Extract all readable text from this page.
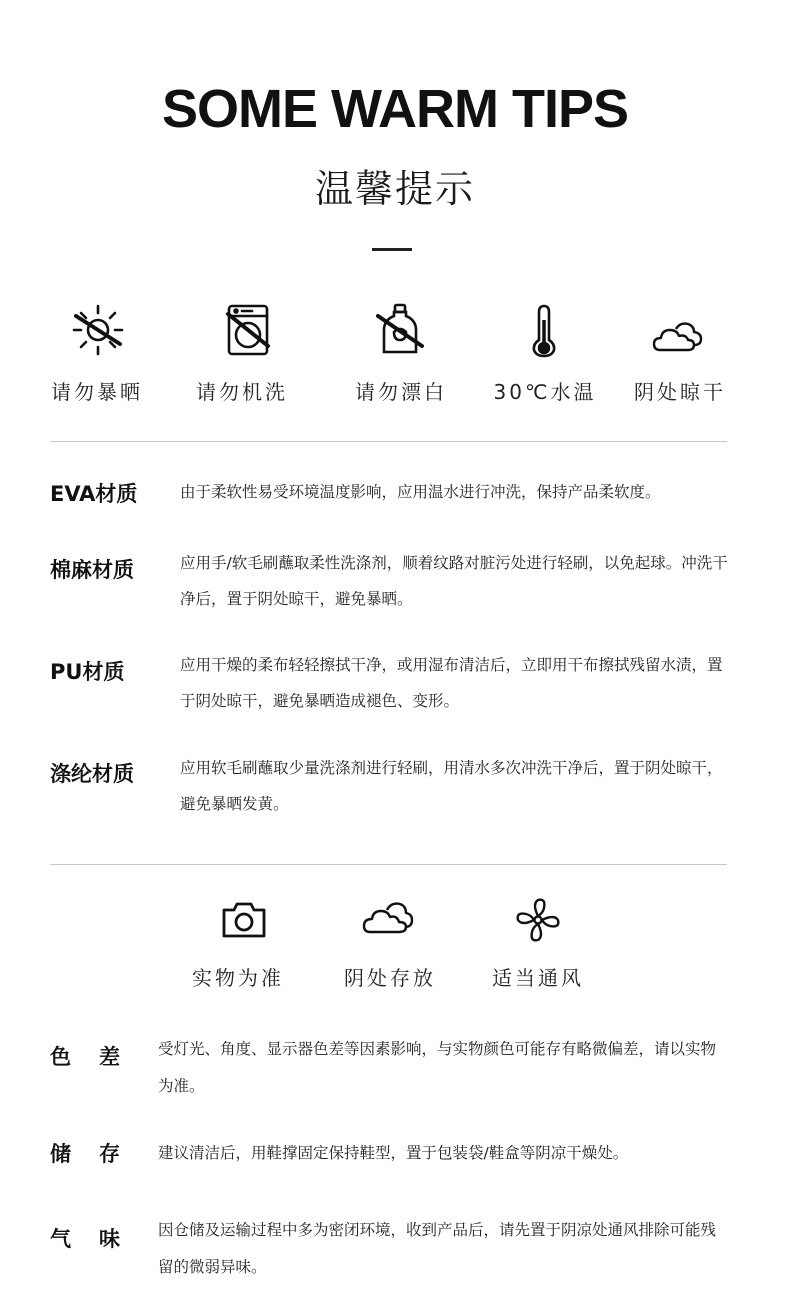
SOME WARM TIPS
温馨提示
请勿暴晒	请勿机洗	请勿漂白	30℃水温	阴处晾干
EVA材质	由于柔软性易受环境温度影响，应用温水进行冲洗，保持产品柔软度。
棉麻材质	应用手/软毛刷蘸取柔性洗涤剂，顺着纹路对脏污处进行轻刷，以免起球。冲洗干净后，置于阴处晾干，避免暴晒。
PU材质	应用干燥的柔布轻轻擦拭干净，或用湿布清洁后，立即用干布擦拭残留水渍，置于阴处晾干，避免暴晒造成褪色、变形。
涤纶材质	应用软毛刷蘸取少量洗涤剂进行轻刷，用清水多次冲洗干净后，置于阴处晾干，避免暴晒发黄。
实物为准	阴处存放	适当通风
色 差 受灯光、角度、显示器色差等因素影响，与实物颜色可能存有略微偏差，请以实物为准。
储 存 建议清洁后，用鞋撑固定保持鞋型，置于包装袋/鞋盒等阴凉干燥处。
气 味 因仓储及运输过程中多为密闭环境，收到产品后，请先置于阴凉处通风排除可能残留的微弱异味。
